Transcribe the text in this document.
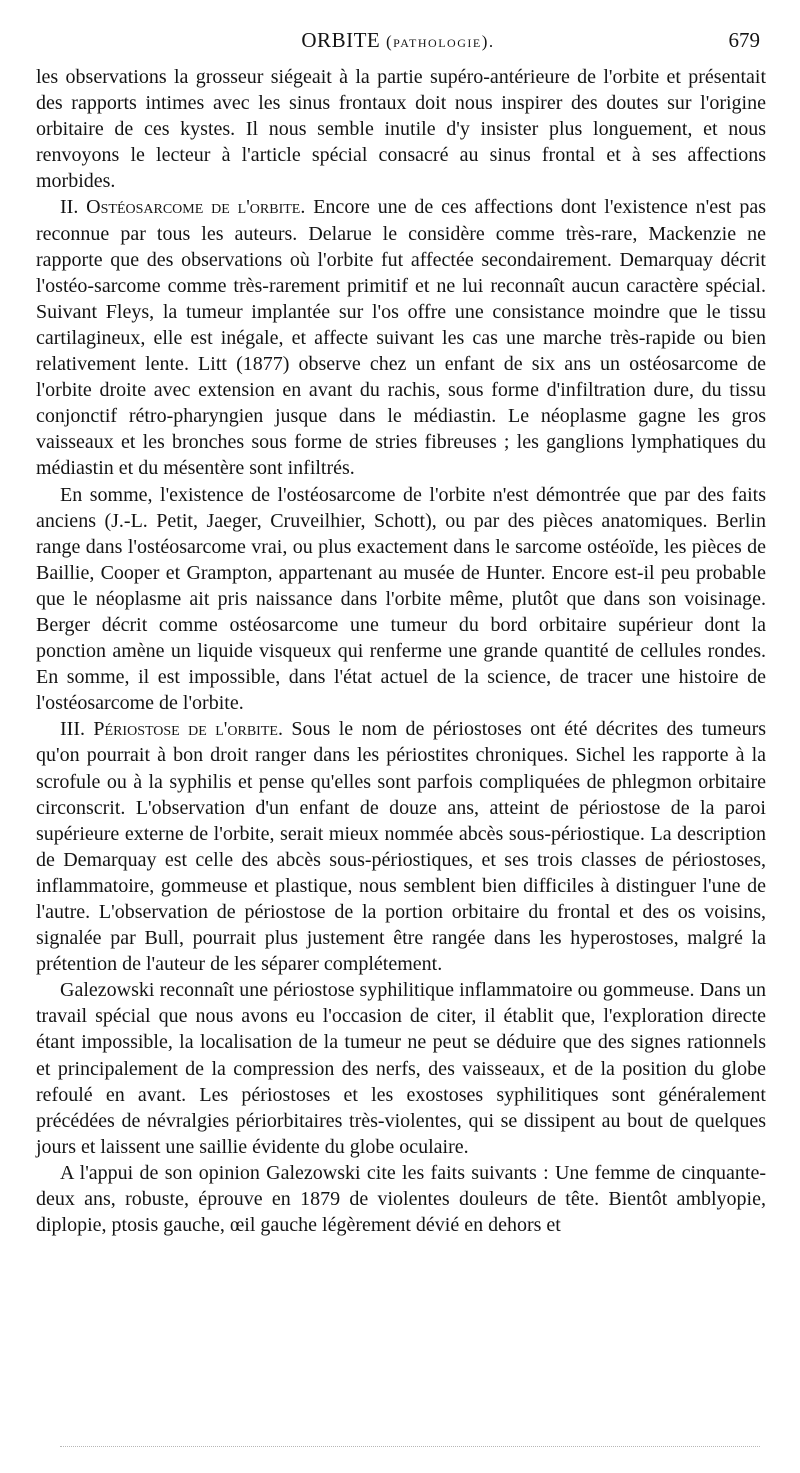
ORBITE (pathologie).	679

les observations la grosseur siégeait à la partie supéro-antérieure de l'orbite et présentait des rapports intimes avec les sinus frontaux doit nous inspirer des doutes sur l'origine orbitaire de ces kystes. Il nous semble inutile d'y insister plus longuement, et nous renvoyons le lecteur à l'article spécial consacré au sinus frontal et à ses affections morbides.

II. Ostéosarcome de l'orbite. Encore une de ces affections dont l'existence n'est pas reconnue par tous les auteurs. Delarue le considère comme très-rare, Mackenzie ne rapporte que des observations où l'orbite fut affectée secondairement. Demarquay décrit l'ostéo-sarcome comme très-rarement primitif et ne lui reconnaît aucun caractère spécial. Suivant Fleys, la tumeur implantée sur l'os offre une consistance moindre que le tissu cartilagineux, elle est inégale, et affecte suivant les cas une marche très-rapide ou bien relativement lente. Litt (1877) observe chez un enfant de six ans un ostéosarcome de l'orbite droite avec extension en avant du rachis, sous forme d'infiltration dure, du tissu conjonctif rétro-pharyngien jusque dans le médiastin. Le néoplasme gagne les gros vaisseaux et les bronches sous forme de stries fibreuses ; les ganglions lymphatiques du médiastin et du mésentère sont infiltrés.

En somme, l'existence de l'ostéosarcome de l'orbite n'est démontrée que par des faits anciens (J.-L. Petit, Jaeger, Cruveilhier, Schott), ou par des pièces anatomiques. Berlin range dans l'ostéosarcome vrai, ou plus exactement dans le sarcome ostéoïde, les pièces de Baillie, Cooper et Grampton, appartenant au musée de Hunter. Encore est-il peu probable que le néoplasme ait pris naissance dans l'orbite même, plutôt que dans son voisinage. Berger décrit comme ostéosarcome une tumeur du bord orbitaire supérieur dont la ponction amène un liquide visqueux qui renferme une grande quantité de cellules rondes. En somme, il est impossible, dans l'état actuel de la science, de tracer une histoire de l'ostéosarcome de l'orbite.

III. Périostose de l'orbite. Sous le nom de périostoses ont été décrites des tumeurs qu'on pourrait à bon droit ranger dans les périostites chroniques. Sichel les rapporte à la scrofule ou à la syphilis et pense qu'elles sont parfois compliquées de phlegmon orbitaire circonscrit. L'observation d'un enfant de douze ans, atteint de périostose de la paroi supérieure externe de l'orbite, serait mieux nommée abcès sous-périostique. La description de Demarquay est celle des abcès sous-périostiques, et ses trois classes de périostoses, inflammatoire, gommeuse et plastique, nous semblent bien difficiles à distinguer l'une de l'autre. L'observation de périostose de la portion orbitaire du frontal et des os voisins, signalée par Bull, pourrait plus justement être rangée dans les hyperostoses, malgré la prétention de l'auteur de les séparer complétement.

Galezowski reconnaît une périostose syphilitique inflammatoire ou gommeuse. Dans un travail spécial que nous avons eu l'occasion de citer, il établit que, l'exploration directe étant impossible, la localisation de la tumeur ne peut se déduire que des signes rationnels et principalement de la compression des nerfs, des vaisseaux, et de la position du globe refoulé en avant. Les périostoses et les exostoses syphilitiques sont généralement précédées de névralgies périorbitaires très-violentes, qui se dissipent au bout de quelques jours et laissent une saillie évidente du globe oculaire.

A l'appui de son opinion Galezowski cite les faits suivants : Une femme de cinquante-deux ans, robuste, éprouve en 1879 de violentes douleurs de tête. Bientôt amblyopie, diplopie, ptosis gauche, œil gauche légèrement dévié en dehors et
